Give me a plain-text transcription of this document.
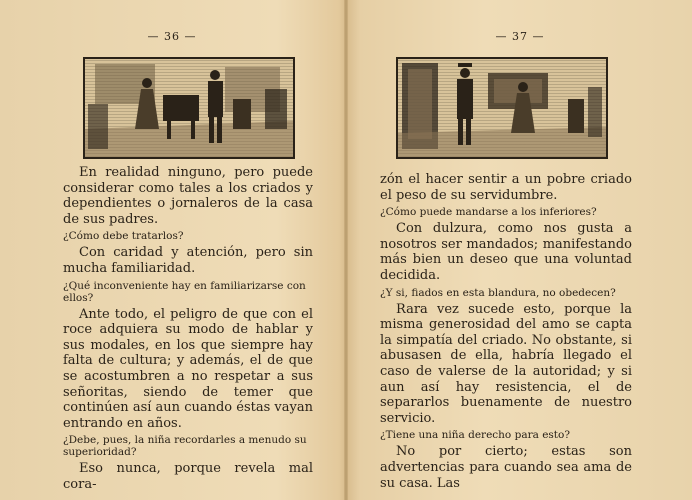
— 36 —

En realidad ninguno, pero puede considerar como tales a los criados y dependientes o jornaleros de la casa de sus padres.

¿Cómo debe tratarlos?

Con caridad y atención, pero sin mucha familiaridad.

¿Qué inconveniente hay en familiarizarse con ellos?

Ante todo, el peligro de que con el roce adquiera su modo de hablar y sus modales, en los que siempre hay falta de cultura; y además, el de que se acostumbren a no respetar a sus señoritas, siendo de temer que continúen así aun cuando éstas vayan entrando en años.

¿Debe, pues, la niña recordarles a menudo su superioridad?

Eso nunca, porque revela mal cora-

— 37 —

zón el hacer sentir a un pobre criado el peso de su servidumbre.

¿Cómo puede mandarse a los inferiores?

Con dulzura, como nos gusta a nosotros ser mandados; manifestando más bien un deseo que una voluntad decidida.

¿Y si, fiados en esta blandura, no obedecen?

Rara vez sucede esto, porque la misma generosidad del amo se capta la simpatía del criado. No obstante, si abusasen de ella, habría llegado el caso de valerse de la autoridad; y si aun así hay resistencia, el de separarlos buenamente de nuestro servicio.

¿Tiene una niña derecho para esto?

No por cierto; estas son advertencias para cuando sea ama de su casa. Las
